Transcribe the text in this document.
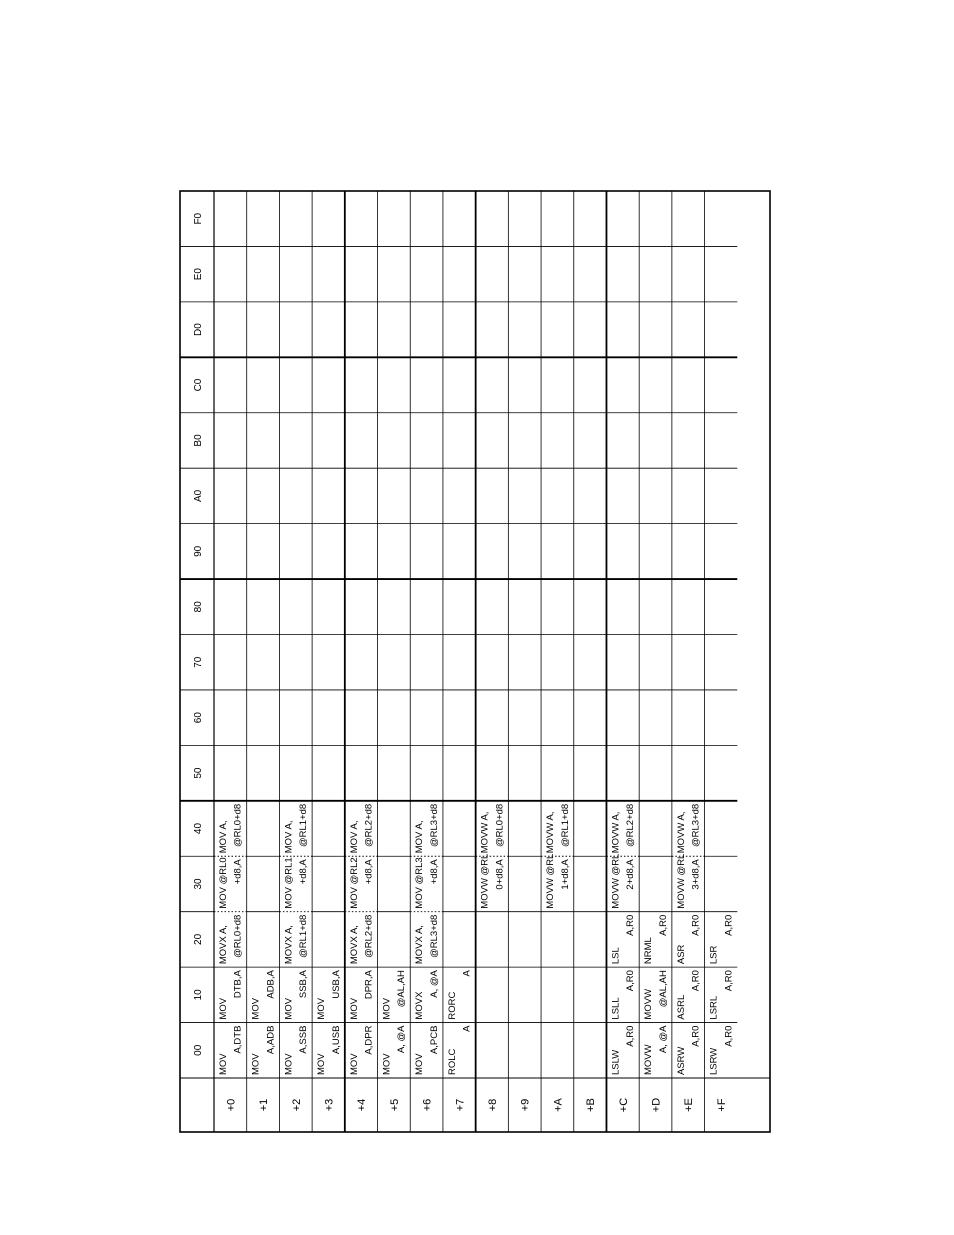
00
10
20
30
40
50
60
70
80
90
A0
B0
C0
D0
E0
F0
+0 +1 +2 +3 +4 +5 +6 +7 +8 +9 +A +B +C +D +E +F
MOV
A,DTB
MOV
DTB,A
MOVX A, @RL0+d8
MOV @RL0 +d8,A
MOV A, @RL0+d8
MOV
A,ADB
MOV
ADB,A
MOV
A,SSB
MOV
SSB,A
MOVX A, @RL1+d8
MOV @RL1 +d8,A
MOV A, @RL1+d8
MOV
A,USB
MOV
USB,A
MOV
A,DPR
MOV
DPR,A
MOVX A, @RL2+d8
MOV @RL2 +d8,A
MOV A, @RL2+d8
MOV
A, @A
MOV
@AL,AH
MOV
A,PCB
MOVX
A, @A
MOVX A, @RL3+d8
MOV @RL3 +d8,A
MOV A, @RL3+d8
ROLC
A
RORC
A
MOVW @RL 0+d8,A
MOVW A, @RL0+d8
MOVW @RL 1+d8,A
MOVW A, @RL1+d8
LSLW
A,R0
LSLL
A,R0
LSL
A,R0
MOVW @RL 2+d8,A
MOVW A, @RL2+d8
MOVW
A, @A
MOVW @AL,AH
NRML
A,R0
ASRW
A,R0
ASRL
A,R0
ASR
A,R0
MOVW @RL 3+d8,A
MOVW A, @RL3+d8
LSRW
A,R0
LSRL
A,R0
LSR
A,R0
